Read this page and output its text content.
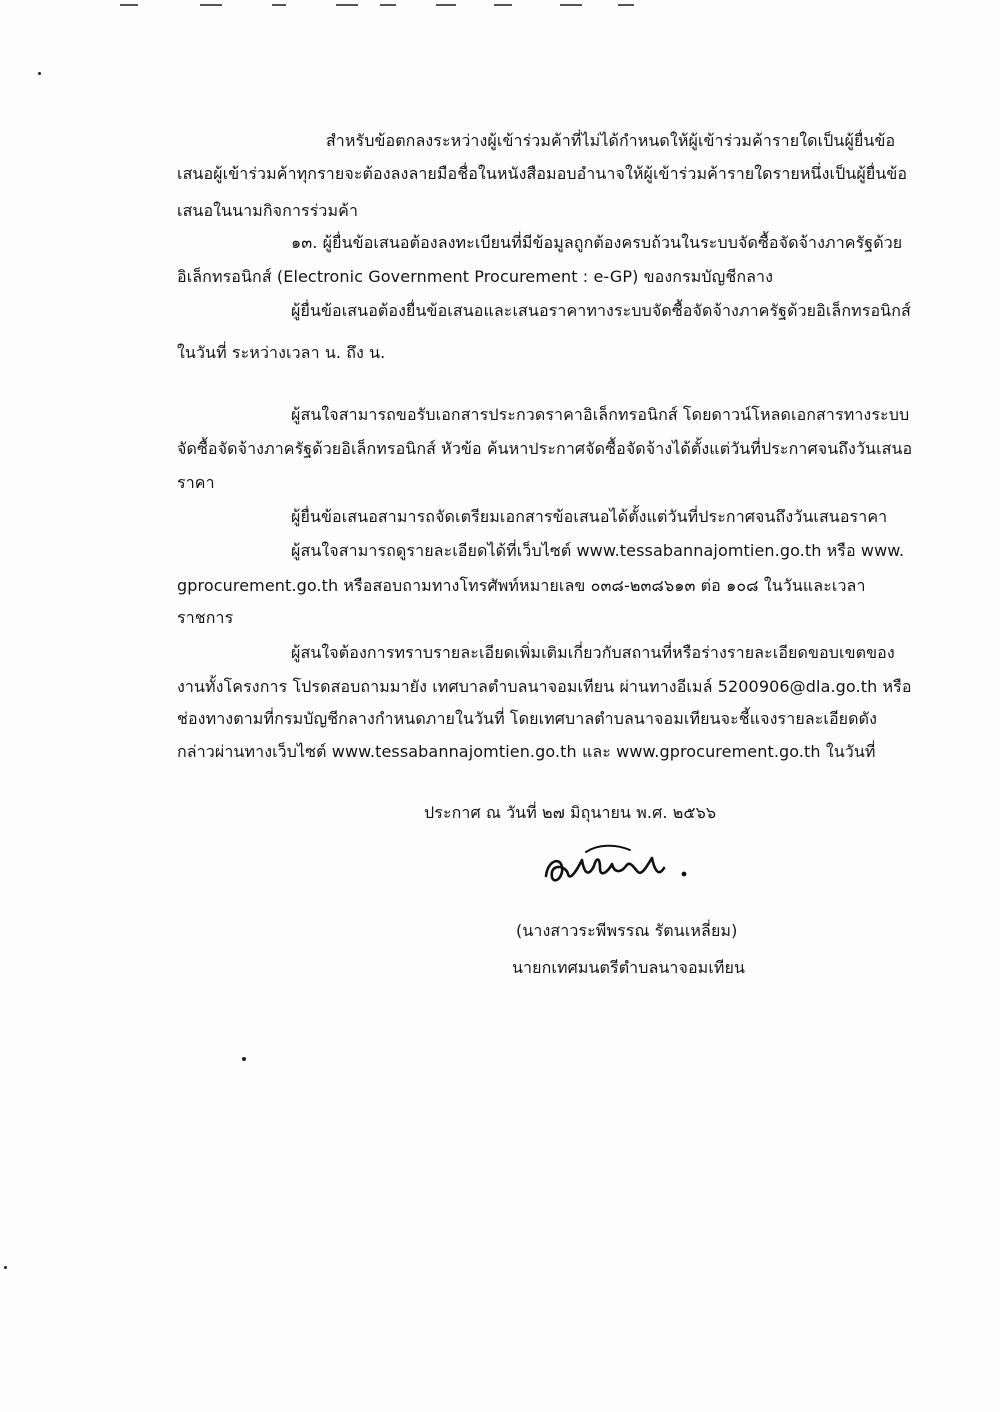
สำหรับข้อตกลงระหว่างผู้เข้าร่วมค้าที่ไม่ได้กำหนดให้ผู้เข้าร่วมค้ารายใดเป็นผู้ยื่นข้อ
เสนอผู้เข้าร่วมค้าทุกรายจะต้องลงลายมือชื่อในหนังสือมอบอำนาจให้ผู้เข้าร่วมค้ารายใดรายหนึ่งเป็นผู้ยื่นข้อ
เสนอในนามกิจการร่วมค้า
๑๓. ผู้ยื่นข้อเสนอต้องลงทะเบียนที่มีข้อมูลถูกต้องครบถ้วนในระบบจัดซื้อจัดจ้างภาครัฐด้วย
อิเล็กทรอนิกส์ (Electronic Government Procurement : e-GP) ของกรมบัญชีกลาง
ผู้ยื่นข้อเสนอต้องยื่นข้อเสนอและเสนอราคาทางระบบจัดซื้อจัดจ้างภาครัฐด้วยอิเล็กทรอนิกส์
ในวันที่ ระหว่างเวลา น. ถึง น.
ผู้สนใจสามารถขอรับเอกสารประกวดราคาอิเล็กทรอนิกส์ โดยดาวน์โหลดเอกสารทางระบบ
จัดซื้อจัดจ้างภาครัฐด้วยอิเล็กทรอนิกส์ หัวข้อ ค้นหาประกาศจัดซื้อจัดจ้างได้ตั้งแต่วันที่ประกาศจนถึงวันเสนอ
ราคา
ผู้ยื่นข้อเสนอสามารถจัดเตรียมเอกสารข้อเสนอได้ตั้งแต่วันที่ประกาศจนถึงวันเสนอราคา
ผู้สนใจสามารถดูรายละเอียดได้ที่เว็บไซต์ www.tessabannajomtien.go.th หรือ www.
gprocurement.go.th หรือสอบถามทางโทรศัพท์หมายเลข ๐๓๘-๒๓๘๖๑๓ ต่อ ๑๐๘ ในวันและเวลา
ราชการ
ผู้สนใจต้องการทราบรายละเอียดเพิ่มเติมเกี่ยวกับสถานที่หรือร่างรายละเอียดขอบเขตของ
งานทั้งโครงการ โปรดสอบถามมายัง เทศบาลตำบลนาจอมเทียน ผ่านทางอีเมล์ 5200906@dla.go.th หรือ
ช่องทางตามที่กรมบัญชีกลางกำหนดภายในวันที่ โดยเทศบาลตำบลนาจอมเทียนจะชี้แจงรายละเอียดดัง
กล่าวผ่านทางเว็บไซต์ www.tessabannajomtien.go.th และ www.gprocurement.go.th ในวันที่
ประกาศ ณ วันที่ ๒๗ มิถุนายน พ.ศ. ๒๕๖๖
(นางสาวระพีพรรณ รัตนเหลี่ยม)
นายกเทศมนตรีตำบลนาจอมเทียน
